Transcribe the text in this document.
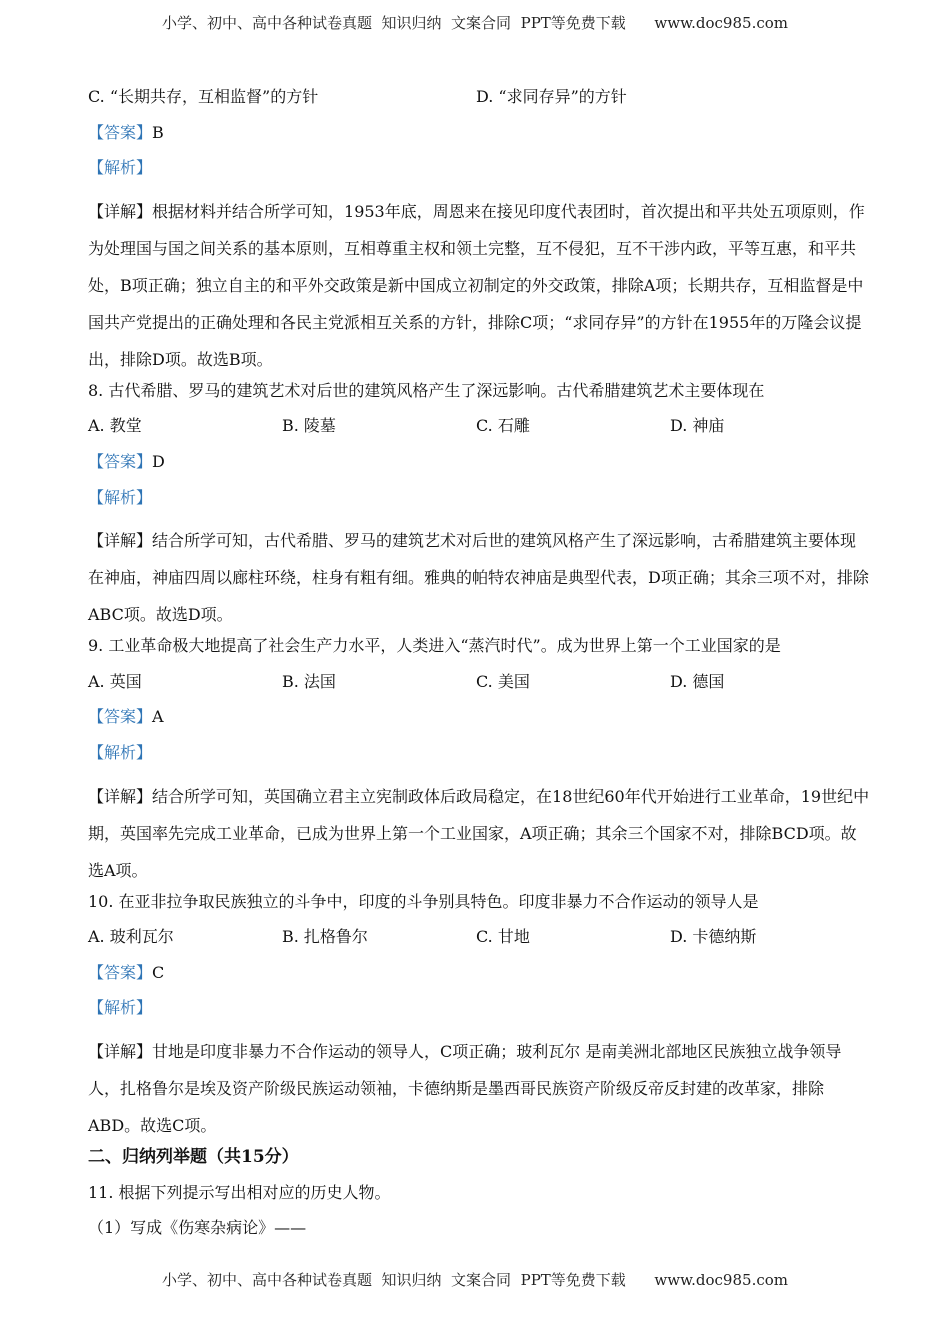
小学、初中、高中各种试卷真题  知识归纳  文案合同  PPT等免费下载      www.doc985.com
C. “长期共存，互相监督”的方针	D. “求同存异”的方针
【答案】B
【解析】
【详解】根据材料并结合所学可知，1953年底，周恩来在接见印度代表团时，首次提出和平共处五项原则，作为处理国与国之间关系的基本原则，互相尊重主权和领土完整，互不侵犯，互不干涉内政，平等互惠，和平共处，B项正确；独立自主的和平外交政策是新中国成立初制定的外交政策，排除A项；长期共存，互相监督是中国共产党提出的正确处理和各民主党派相互关系的方针，排除C项；“求同存异”的方针在1955年的万隆会议提出，排除D项。故选B项。
8. 古代希腊、罗马的建筑艺术对后世的建筑风格产生了深远影响。古代希腊建筑艺术主要体现在
A. 教堂	B. 陵墓	C. 石雕	D. 神庙
【答案】D
【解析】
【详解】结合所学可知，古代希腊、罗马的建筑艺术对后世的建筑风格产生了深远影响，古希腊建筑主要体现在神庙，神庙四周以廊柱环绕，柱身有粗有细。雅典的帕特农神庙是典型代表，D项正确；其余三项不对，排除ABC项。故选D项。
9. 工业革命极大地提高了社会生产力水平，人类进入“蒸汽时代”。成为世界上第一个工业国家的是
A. 英国	B. 法国	C. 美国	D. 德国
【答案】A
【解析】
【详解】结合所学可知，英国确立君主立宪制政体后政局稳定，在18世纪60年代开始进行工业革命，19世纪中期，英国率先完成工业革命，已成为世界上第一个工业国家，A项正确；其余三个国家不对，排除BCD项。故选A项。
10. 在亚非拉争取民族独立的斗争中，印度的斗争别具特色。印度非暴力不合作运动的领导人是
A. 玻利瓦尔	B. 扎格鲁尔	C. 甘地	D. 卡德纳斯
【答案】C
【解析】
【详解】甘地是印度非暴力不合作运动的领导人，C项正确；玻利瓦尔 是南美洲北部地区民族独立战争领导人，扎格鲁尔是埃及资产阶级民族运动领袖，卡德纳斯是墨西哥民族资产阶级反帝反封建的改革家，排除ABD。故选C项。
二、归纳列举题（共15分）
11. 根据下列提示写出相对应的历史人物。
（1）写成《伤寒杂病论》——
小学、初中、高中各种试卷真题  知识归纳  文案合同  PPT等免费下载      www.doc985.com
